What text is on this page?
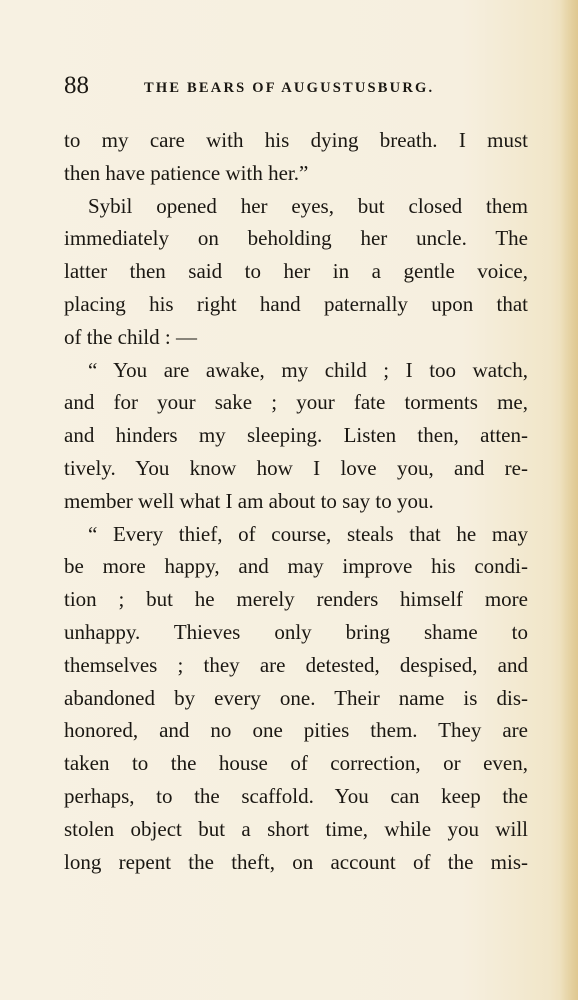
88	THE BEARS OF AUGUSTUSBURG.
to my care with his dying breath. I must
then have patience with her.”
Sybil opened her eyes, but closed them
immediately on beholding her uncle. The
latter then said to her in a gentle voice,
placing his right hand paternally upon that
of the child : —
“ You are awake, my child ; I too watch,
and for your sake ; your fate torments me,
and hinders my sleeping. Listen then, atten-
tively. You know how I love you, and re-
member well what I am about to say to you.
“ Every thief, of course, steals that he may
be more happy, and may improve his condi-
tion ; but he merely renders himself more
unhappy. Thieves only bring shame to
themselves ; they are detested, despised, and
abandoned by every one. Their name is dis-
honored, and no one pities them. They are
taken to the house of correction, or even,
perhaps, to the scaffold. You can keep the
stolen object but a short time, while you will
long repent the theft, on account of the mis-
